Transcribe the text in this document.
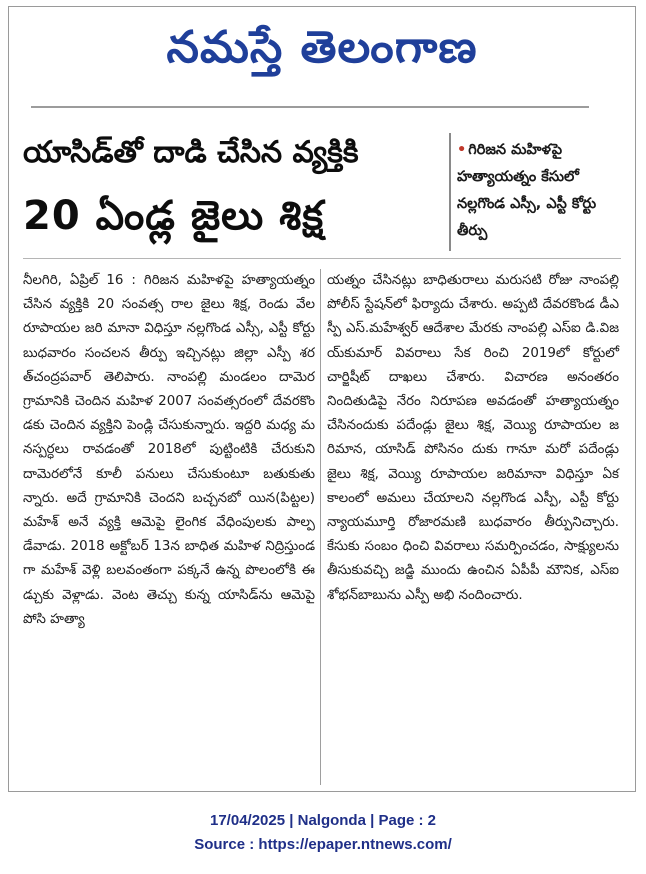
నమస్తే తెలంగాణ
యాసిడ్‌తో దాడి చేసిన వ్యక్తికి
20 ఏండ్ల జైలు శిక్ష
• గిరిజన మహిళపై హత్యాయత్నం కేసులో నల్లగొండ ఎస్సీ, ఎస్టీ కోర్టు తీర్పు
నీలగిరి, ఏప్రిల్ 16 : గిరిజన మహిళపై హత్యాయత్నం చేసిన వ్యక్తికి 20 సంవత్స రాల జైలు శిక్ష, రెండు వేల రూపాయల జరి మానా విధిస్తూ నల్లగొండ ఎస్సీ, ఎస్టీ కోర్టు బుధవారం సంచలన తీర్పు ఇచ్చినట్లు జిల్లా ఎస్పీ శరత్‌చంద్రపవార్ తెలిపారు. నాంపల్లి మండలం దామెర గ్రామానికి చెందిన మహిళ 2007 సంవత్సరంలో దేవరకొం డకు చెందిన వ్యక్తిని పెండ్లి చేసుకున్నారు. ఇద్దరి మధ్య మనస్పర్ధలు రావడంతో 2018లో పుట్టింటికి చేరుకుని దామెరలోనే కూలీ పనులు చేసుకుంటూ బతుకుతు న్నారు. అదే గ్రామానికి చెందని బచ్చనబో యిన(పిట్టల) మహేశ్ అనే వ్యక్తి ఆమెపై లైంగిక వేధింపులకు పాల్పడేవాడు. 2018 అక్టోబర్ 13న బాధిత మహిళ నిద్రిస్తుండగా మహేశ్ వెళ్లి బలవంతంగా పక్కనే ఉన్న పొలంలోకి ఈడ్చుకు వెళ్లాడు. వెంట తెచ్చు కున్న యాసిడ్‌ను ఆమెపై పోసి హత్యా
యత్నం చేసినట్లు బాధితురాలు మరుసటి రోజు నాంపల్లి పోలీస్ స్టేషన్‌లో ఫిర్యాదు చేశారు. అప్పటి దేవరకొండ డీఎస్పీ ఎస్.మహేశ్వర్ ఆదేశాల మేరకు నాంపల్లి ఎస్ఐ డి.విజయ్‌కుమార్ వివరాలు సేక రించి 2019లో కోర్టులో చార్జిషీట్ దాఖలు చేశారు. విచారణ అనంతరం నిందితుడిపై నేరం నిరూపణ అవడంతో హత్యాయత్నం చేసినందుకు పదేండ్లు జైలు శిక్ష, వెయ్యి రూపాయల జరిమాన, యాసిడ్ పోసినం దుకు గానూ మరో పదేండ్లు జైలు శిక్ష, వెయ్యి రూపాయల జరిమానా విధిస్తూ ఏక కాలంలో అమలు చేయాలని నల్లగొండ ఎస్పీ, ఎస్టీ కోర్టు న్యాయమూర్తి రోజారమణి బుధవారం తీర్పునిచ్చారు. కేసుకు సంబం ధించి వివరాలు సమర్పించడం, సాక్ష్యులను తీసుకువచ్చి జడ్జి ముందు ఉంచిన ఏపీపీ మౌనిక, ఎస్ఐ శోభన్‌బాబును ఎస్పీ అభి నందించారు.
17/04/2025 | Nalgonda | Page : 2
Source : https://epaper.ntnews.com/
